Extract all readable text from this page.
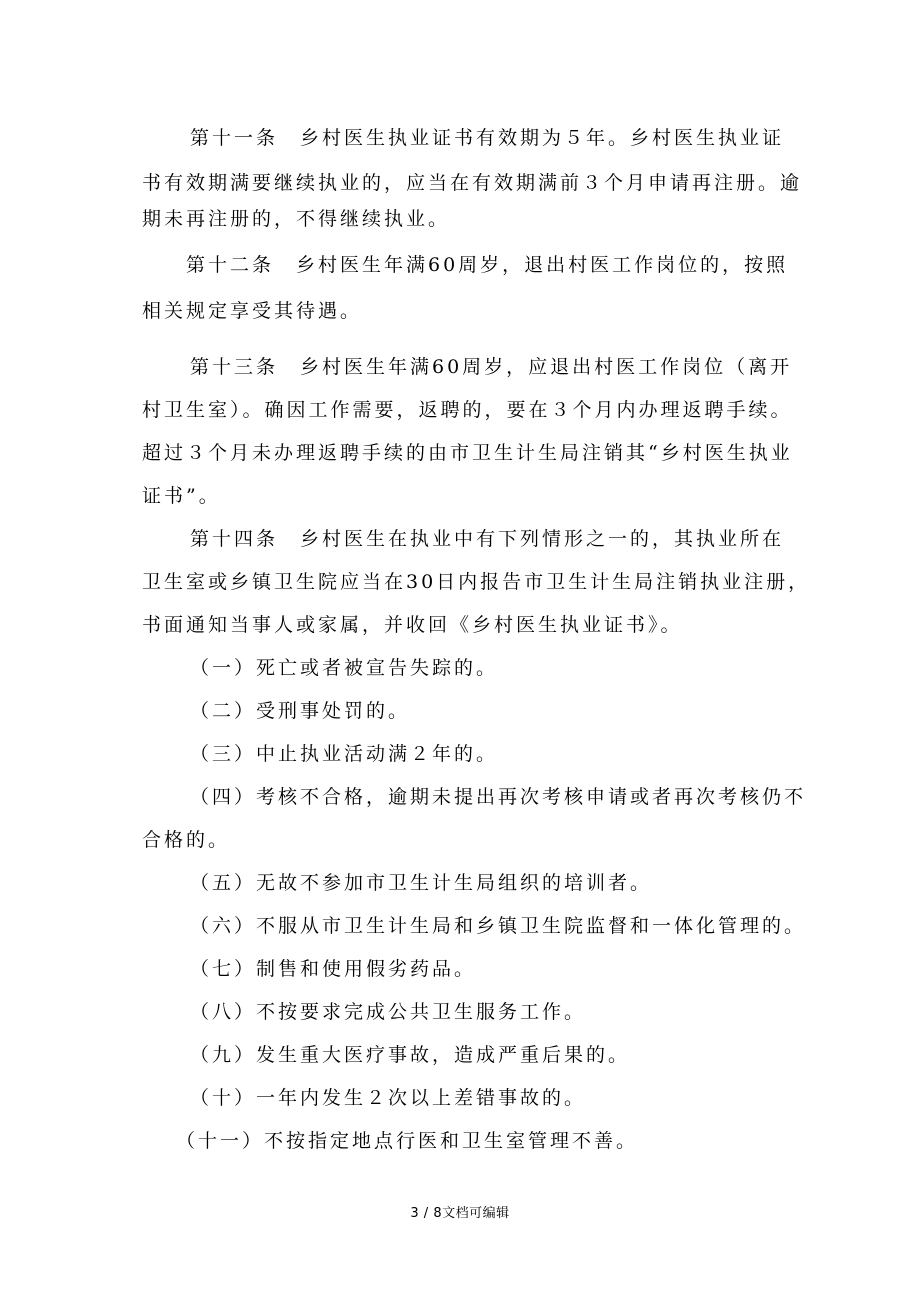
第十一条　乡村医生执业证书有效期为５年。乡村医生执业证
书有效期满要继续执业的，应当在有效期满前３个月申请再注册。逾
期未再注册的，不得继续执业。
第十二条　乡村医生年满60周岁，退出村医工作岗位的，按照
相关规定享受其待遇。
第十三条　乡村医生年满60周岁，应退出村医工作岗位（离开
村卫生室）。确因工作需要，返聘的，要在３个月内办理返聘手续。
超过３个月未办理返聘手续的由市卫生计生局注销其“乡村医生执业
证书”。
第十四条　乡村医生在执业中有下列情形之一的，其执业所在
卫生室或乡镇卫生院应当在30日内报告市卫生计生局注销执业注册，
书面通知当事人或家属，并收回《乡村医生执业证书》。
（一）死亡或者被宣告失踪的。
（二）受刑事处罚的。
（三）中止执业活动满２年的。
（四）考核不合格，逾期未提出再次考核申请或者再次考核仍不
合格的。
（五）无故不参加市卫生计生局组织的培训者。
（六）不服从市卫生计生局和乡镇卫生院监督和一体化管理的。
（七）制售和使用假劣药品。
（八）不按要求完成公共卫生服务工作。
（九）发生重大医疗事故，造成严重后果的。
（十）一年内发生２次以上差错事故的。
（十一）不按指定地点行医和卫生室管理不善。
3 / 8文档可编辑
